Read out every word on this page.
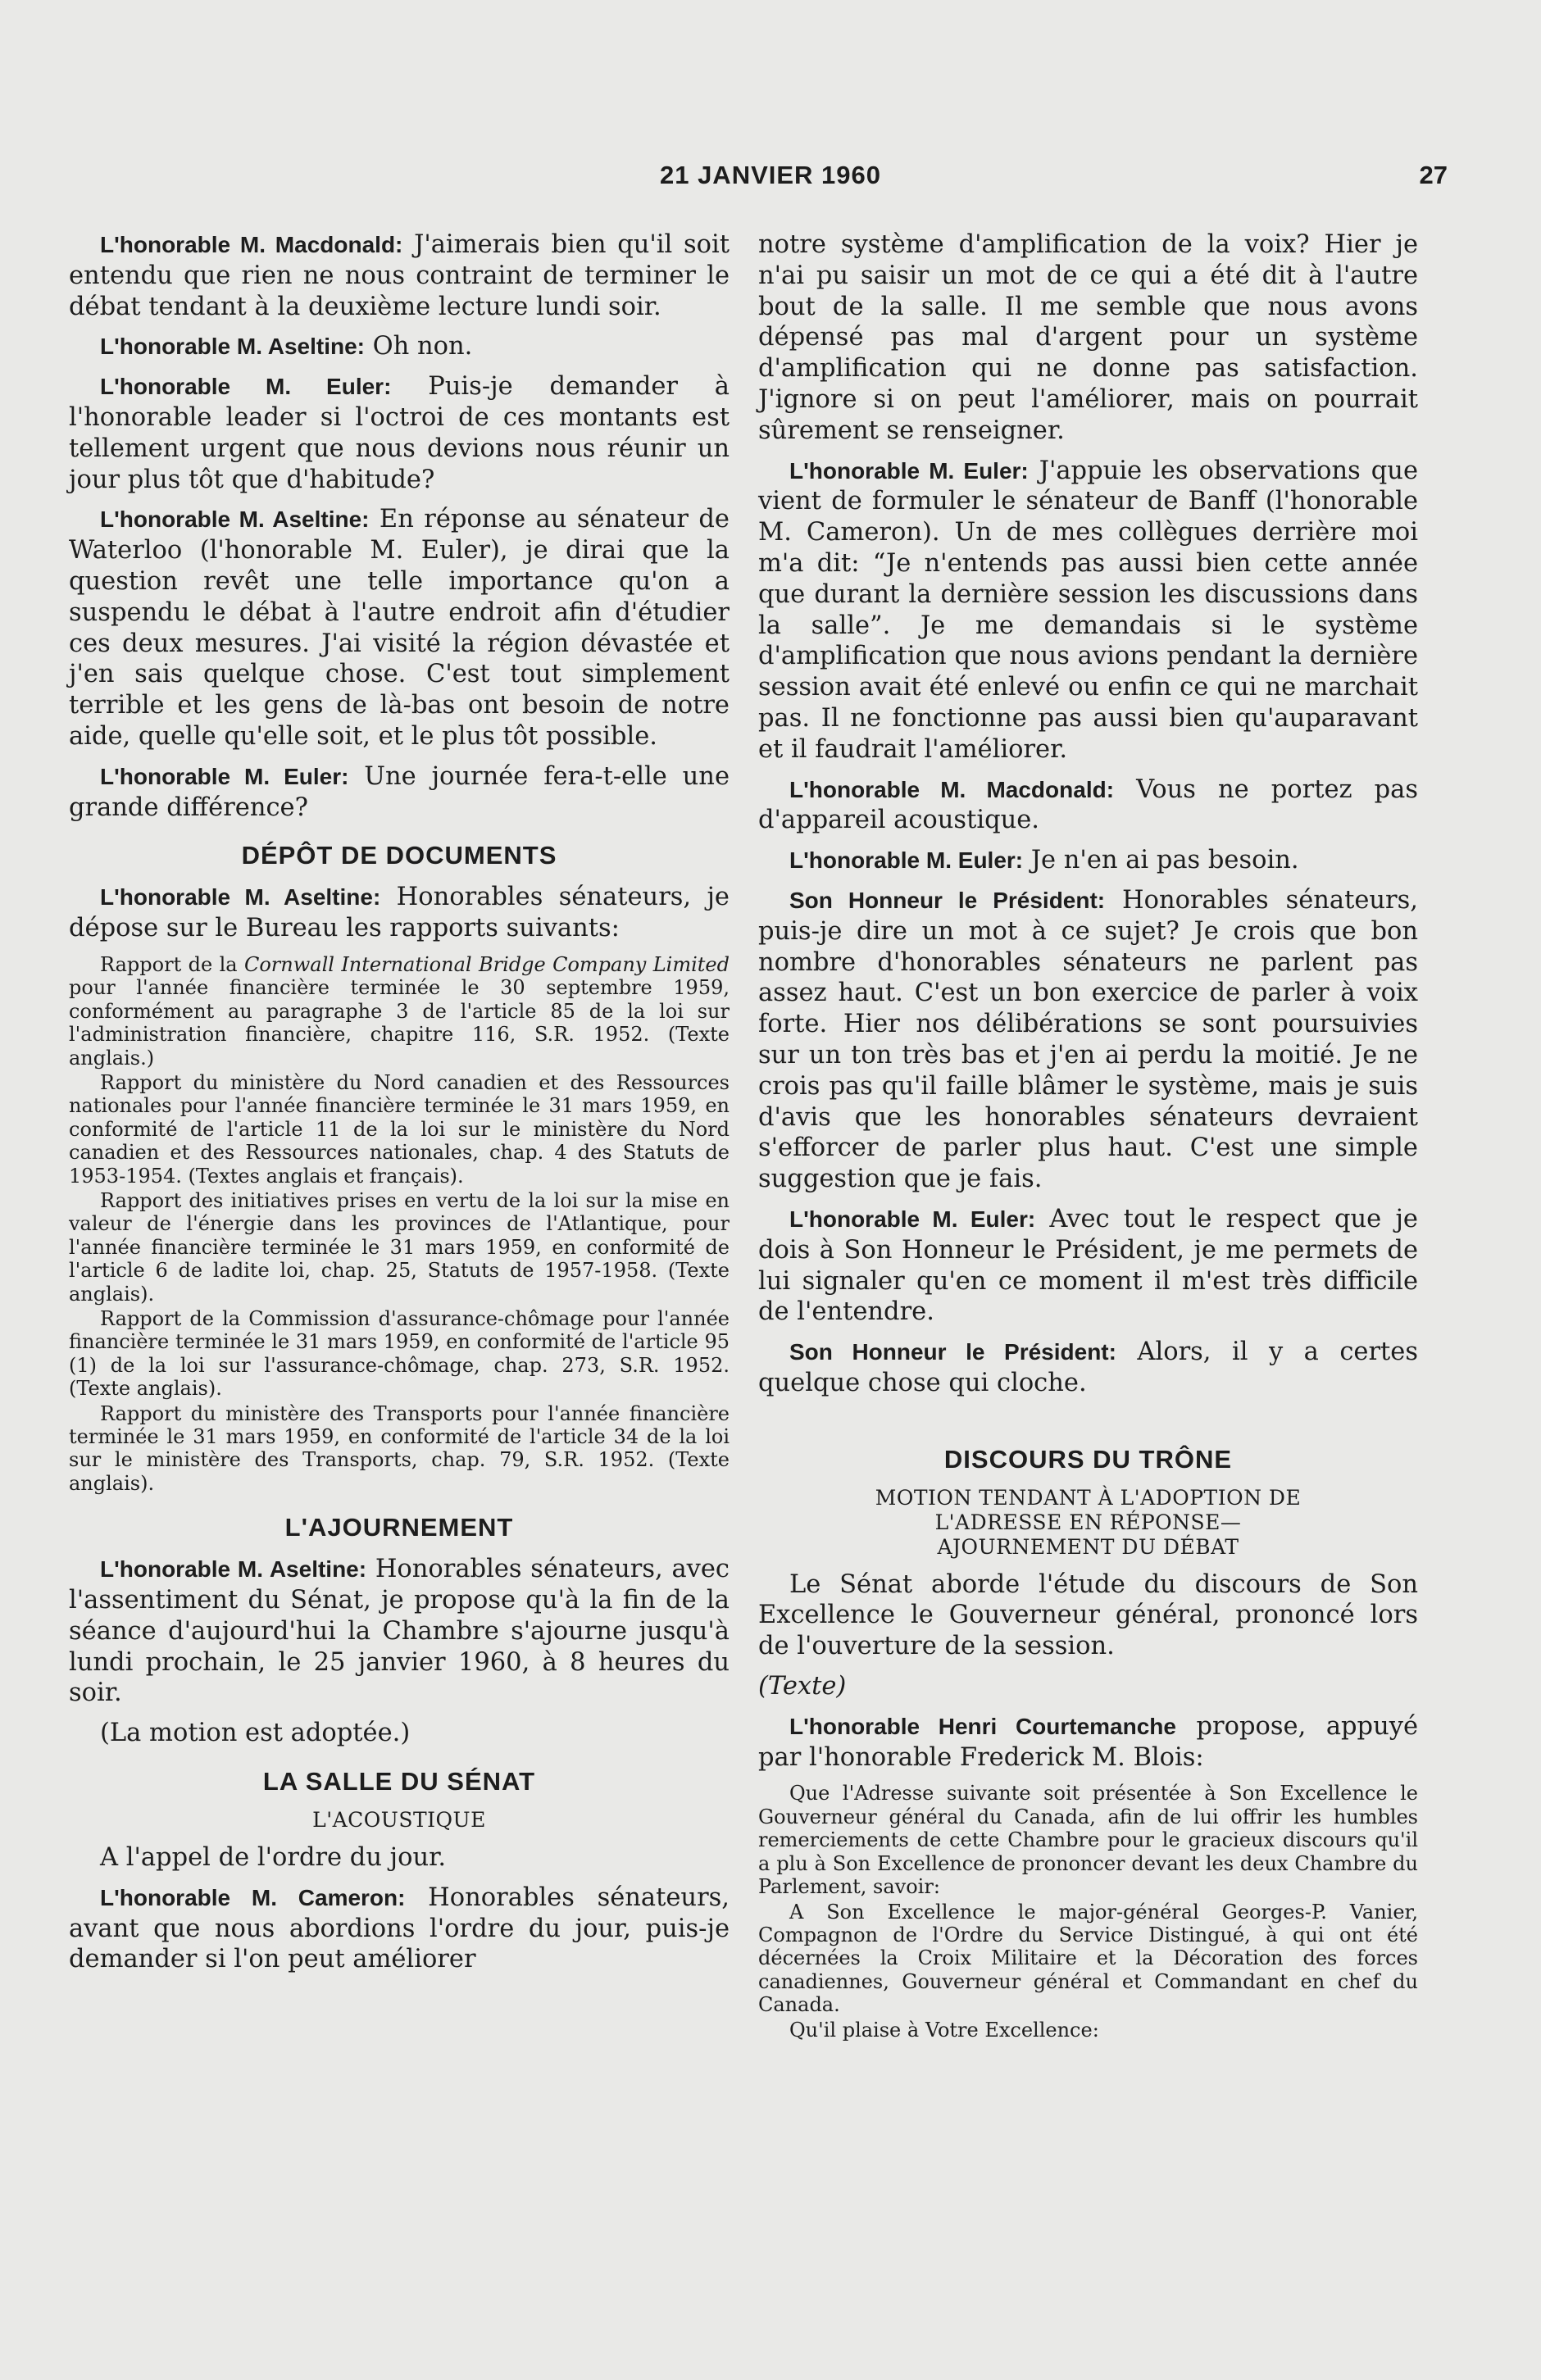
21 JANVIER 1960	27

L'honorable M. Macdonald: J'aimerais bien qu'il soit entendu que rien ne nous contraint de terminer le débat tendant à la deuxième lecture lundi soir.

L'honorable M. Aseltine: Oh non.

L'honorable M. Euler: Puis-je demander à l'honorable leader si l'octroi de ces montants est tellement urgent que nous devions nous réunir un jour plus tôt que d'habitude?

L'honorable M. Aseltine: En réponse au sénateur de Waterloo (l'honorable M. Euler), je dirai que la question revêt une telle importance qu'on a suspendu le débat à l'autre endroit afin d'étudier ces deux mesures. J'ai visité la région dévastée et j'en sais quelque chose. C'est tout simplement terrible et les gens de là-bas ont besoin de notre aide, quelle qu'elle soit, et le plus tôt possible.

L'honorable M. Euler: Une journée fera-t-elle une grande différence?

DÉPÔT DE DOCUMENTS

L'honorable M. Aseltine: Honorables sénateurs, je dépose sur le Bureau les rapports suivants:

Rapport de la Cornwall International Bridge Company Limited pour l'année financière terminée le 30 septembre 1959, conformément au paragraphe 3 de l'article 85 de la loi sur l'administration financière, chapitre 116, S.R. 1952. (Texte anglais.)

Rapport du ministère du Nord canadien et des Ressources nationales pour l'année financière terminée le 31 mars 1959, en conformité de l'article 11 de la loi sur le ministère du Nord canadien et des Ressources nationales, chap. 4 des Statuts de 1953-1954. (Textes anglais et français).

Rapport des initiatives prises en vertu de la loi sur la mise en valeur de l'énergie dans les provinces de l'Atlantique, pour l'année financière terminée le 31 mars 1959, en conformité de l'article 6 de ladite loi, chap. 25, Statuts de 1957-1958. (Texte anglais).

Rapport de la Commission d'assurance-chômage pour l'année financière terminée le 31 mars 1959, en conformité de l'article 95 (1) de la loi sur l'assurance-chômage, chap. 273, S.R. 1952. (Texte anglais).

Rapport du ministère des Transports pour l'année financière terminée le 31 mars 1959, en conformité de l'article 34 de la loi sur le ministère des Transports, chap. 79, S.R. 1952. (Texte anglais).

L'AJOURNEMENT

L'honorable M. Aseltine: Honorables sénateurs, avec l'assentiment du Sénat, je propose qu'à la fin de la séance d'aujourd'hui la Chambre s'ajourne jusqu'à lundi prochain, le 25 janvier 1960, à 8 heures du soir.

(La motion est adoptée.)

LA SALLE DU SÉNAT
L'ACOUSTIQUE

A l'appel de l'ordre du jour.

L'honorable M. Cameron: Honorables sénateurs, avant que nous abordions l'ordre du jour, puis-je demander si l'on peut améliorer

notre système d'amplification de la voix? Hier je n'ai pu saisir un mot de ce qui a été dit à l'autre bout de la salle. Il me semble que nous avons dépensé pas mal d'argent pour un système d'amplification qui ne donne pas satisfaction. J'ignore si on peut l'améliorer, mais on pourrait sûrement se renseigner.

L'honorable M. Euler: J'appuie les observations que vient de formuler le sénateur de Banff (l'honorable M. Cameron). Un de mes collègues derrière moi m'a dit: “Je n'entends pas aussi bien cette année que durant la dernière session les discussions dans la salle”. Je me demandais si le système d'amplification que nous avions pendant la dernière session avait été enlevé ou enfin ce qui ne marchait pas. Il ne fonctionne pas aussi bien qu'auparavant et il faudrait l'améliorer.

L'honorable M. Macdonald: Vous ne portez pas d'appareil acoustique.

L'honorable M. Euler: Je n'en ai pas besoin.

Son Honneur le Président: Honorables sénateurs, puis-je dire un mot à ce sujet? Je crois que bon nombre d'honorables sénateurs ne parlent pas assez haut. C'est un bon exercice de parler à voix forte. Hier nos délibérations se sont poursuivies sur un ton très bas et j'en ai perdu la moitié. Je ne crois pas qu'il faille blâmer le système, mais je suis d'avis que les honorables sénateurs devraient s'efforcer de parler plus haut. C'est une simple suggestion que je fais.

L'honorable M. Euler: Avec tout le respect que je dois à Son Honneur le Président, je me permets de lui signaler qu'en ce moment il m'est très difficile de l'entendre.

Son Honneur le Président: Alors, il y a certes quelque chose qui cloche.

DISCOURS DU TRÔNE
MOTION TENDANT À L'ADOPTION DE
L'ADRESSE EN RÉPONSE—
AJOURNEMENT DU DÉBAT

Le Sénat aborde l'étude du discours de Son Excellence le Gouverneur général, prononcé lors de l'ouverture de la session.

(Texte)

L'honorable Henri Courtemanche propose, appuyé par l'honorable Frederick M. Blois:

Que l'Adresse suivante soit présentée à Son Excellence le Gouverneur général du Canada, afin de lui offrir les humbles remerciements de cette Chambre pour le gracieux discours qu'il a plu à Son Excellence de prononcer devant les deux Chambre du Parlement, savoir:

A Son Excellence le major-général Georges-P. Vanier, Compagnon de l'Ordre du Service Distingué, à qui ont été décernées la Croix Militaire et la Décoration des forces canadiennes, Gouverneur général et Commandant en chef du Canada.

Qu'il plaise à Votre Excellence:
